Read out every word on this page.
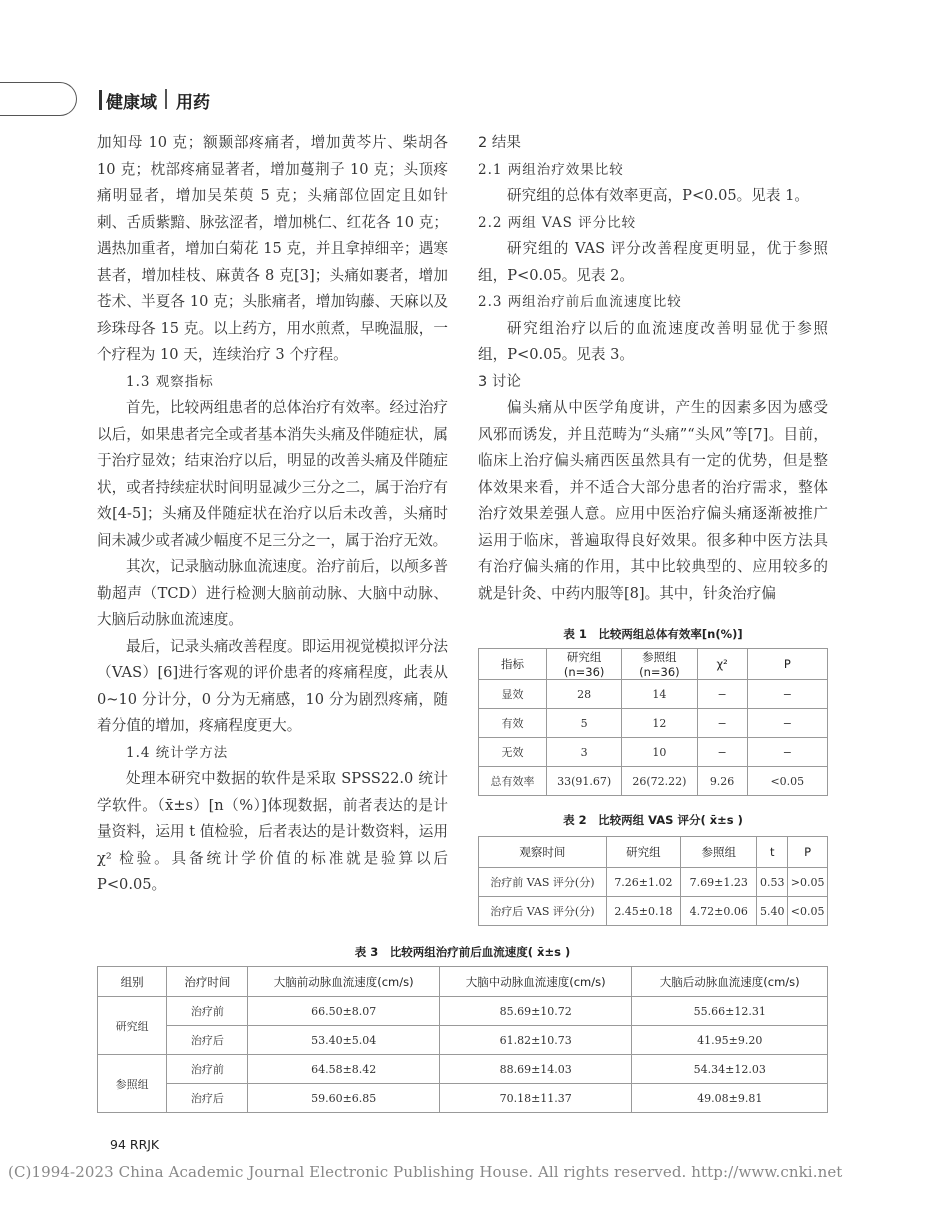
健康域 用药

加知母 10 克；额颞部疼痛者，增加黄芩片、柴胡各 10 克；枕部疼痛显著者，增加蔓荆子 10 克；头顶疼痛明显者，增加吴茱萸 5 克；头痛部位固定且如针刺、舌质紫黯、脉弦涩者，增加桃仁、红花各 10 克；遇热加重者，增加白菊花 15 克，并且拿掉细辛；遇寒甚者，增加桂枝、麻黄各 8 克[3]；头痛如裹者，增加苍术、半夏各 10 克；头胀痛者，增加钩藤、天麻以及珍珠母各 15 克。以上药方，用水煎煮，早晚温服，一个疗程为 10 天，连续治疗 3 个疗程。

1.3 观察指标

首先，比较两组患者的总体治疗有效率。经过治疗以后，如果患者完全或者基本消失头痛及伴随症状，属于治疗显效；结束治疗以后，明显的改善头痛及伴随症状，或者持续症状时间明显减少三分之二，属于治疗有效[4-5]；头痛及伴随症状在治疗以后未改善，头痛时间未减少或者减少幅度不足三分之一，属于治疗无效。

其次，记录脑动脉血流速度。治疗前后，以颅多普勒超声（TCD）进行检测大脑前动脉、大脑中动脉、大脑后动脉血流速度。

最后，记录头痛改善程度。即运用视觉模拟评分法（VAS）[6]进行客观的评价患者的疼痛程度，此表从 0~10 分计分，0 分为无痛感，10 分为剧烈疼痛，随着分值的增加，疼痛程度更大。

1.4 统计学方法

处理本研究中数据的软件是采取 SPSS22.0 统计学软件。（x̄±s）[n（%）]体现数据，前者表达的是计量资料，运用 t 值检验，后者表达的是计数资料，运用 χ² 检验。具备统计学价值的标准就是验算以后 P<0.05。

2 结果

2.1 两组治疗效果比较

研究组的总体有效率更高，P<0.05。见表 1。

2.2 两组 VAS 评分比较

研究组的 VAS 评分改善程度更明显，优于参照组，P<0.05。见表 2。

2.3 两组治疗前后血流速度比较

研究组治疗以后的血流速度改善明显优于参照组，P<0.05。见表 3。

3 讨论

偏头痛从中医学角度讲，产生的因素多因为感受风邪而诱发，并且范畴为“头痛”“头风”等[7]。目前，临床上治疗偏头痛西医虽然具有一定的优势，但是整体效果来看，并不适合大部分患者的治疗需求，整体治疗效果差强人意。应用中医治疗偏头痛逐渐被推广运用于临床，普遍取得良好效果。很多种中医方法具有治疗偏头痛的作用，其中比较典型的、应用较多的就是针灸、中药内服等[8]。其中，针灸治疗偏

表 1　比较两组总体有效率[n(%)]
指标	研究组(n=36)	参照组(n=36)	χ²	P
显效	28	14	−	−
有效	5	12	−	−
无效	3	10	−	−
总有效率	33(91.67)	26(72.22)	9.26	<0.05
表 2　比较两组 VAS 评分( x̄±s )
观察时间	研究组	参照组	t	P
治疗前 VAS 评分(分)	7.26±1.02	7.69±1.23	0.53	>0.05
治疗后 VAS 评分(分)	2.45±0.18	4.72±0.06	5.40	<0.05
表 3　比较两组治疗前后血流速度( x̄±s )
组别	治疗时间	大脑前动脉血流速度(cm/s)	大脑中动脉血流速度(cm/s)	大脑后动脉血流速度(cm/s)
研究组	治疗前	66.50±8.07	85.69±10.72	55.66±12.31
	治疗后	53.40±5.04	61.82±10.73	41.95±9.20
参照组	治疗前	64.58±8.42	88.69±14.03	54.34±12.03
	治疗后	59.60±6.85	70.18±11.37	49.08±9.81
94 RRJK
(C)1994-2023 China Academic Journal Electronic Publishing House. All rights reserved. http://www.cnki.net
